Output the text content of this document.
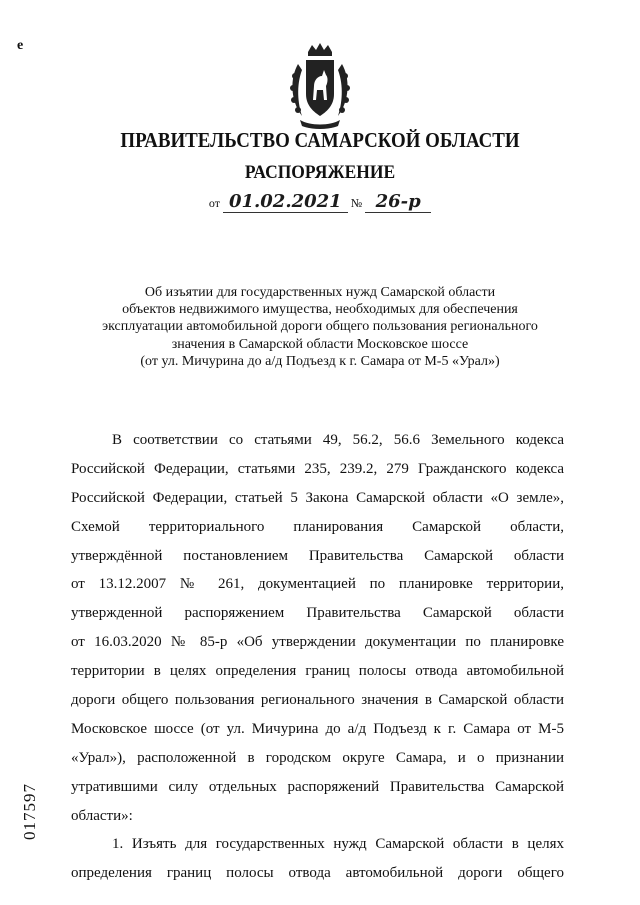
е
ПРАВИТЕЛЬСТВО САМАРСКОЙ ОБЛАСТИ
РАСПОРЯЖЕНИЕ
от 01.02.2021 № 26-р
Об изъятии для государственных нужд Самарской области
объектов недвижимого имущества, необходимых для обеспечения
эксплуатации автомобильной дороги общего пользования регионального
значения в Самарской области Московское шоссе
(от ул. Мичурина до а/д Подъезд к г. Самара от М-5 «Урал»)
В соответствии со статьями 49, 56.2, 56.6 Земельного кодекса
Российской Федерации, статьями 235, 239.2, 279 Гражданского кодекса
Российской Федерации, статьей 5 Закона Самарской области «О земле»,
Схемой территориального планирования Самарской области,
утверждённой постановлением Правительства Самарской области
от 13.12.2007 № 261, документацией по планировке территории,
утвержденной распоряжением Правительства Самарской области
от 16.03.2020 № 85-р «Об утверждении документации по планировке
территории в целях определения границ полосы отвода автомобильной
дороги общего пользования регионального значения в Самарской области
Московское шоссе (от ул. Мичурина до а/д Подъезд к г. Самара от М-5
«Урал»), расположенной в городском округе Самара, и о признании
утратившими силу отдельных распоряжений Правительства Самарской
области»:
1. Изъять для государственных нужд Самарской области в целях
определения границ полосы отвода автомобильной дороги общего
017597
